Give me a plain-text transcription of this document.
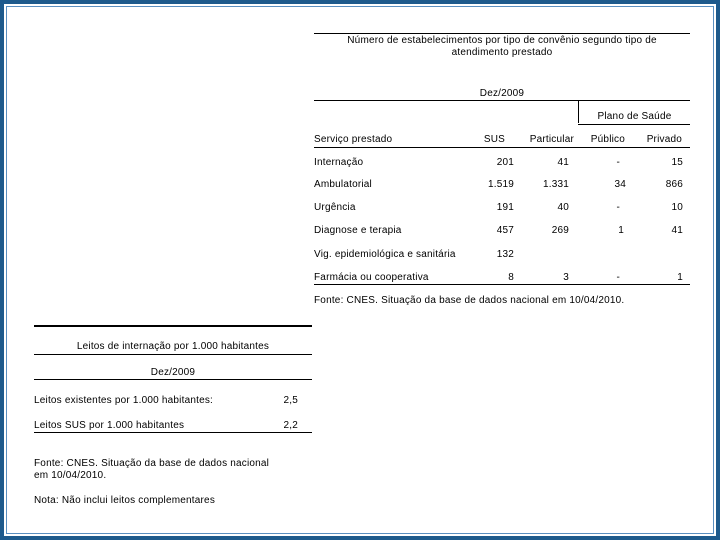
Número de estabelecimentos por tipo de convênio segundo tipo de atendimento prestado
Dez/2009
Plano de Saúde
Serviço prestado	SUS	Particular	Público	Privado
Internação	201	41	-	15
Ambulatorial	1.519	1.331	34	866
Urgência	191	40	-	10
Diagnose e terapia	457	269	1	41
Vig. epidemiológica e sanitária	132
Farmácia ou cooperativa	8	3	-	1
Fonte: CNES. Situação da base de dados nacional em 10/04/2010.
Leitos de internação por 1.000 habitantes
Dez/2009
Leitos existentes por 1.000 habitantes:	2,5
Leitos SUS por 1.000 habitantes	2,2
Fonte: CNES. Situação da base de dados nacional em 10/04/2010.
Nota: Não inclui leitos complementares
